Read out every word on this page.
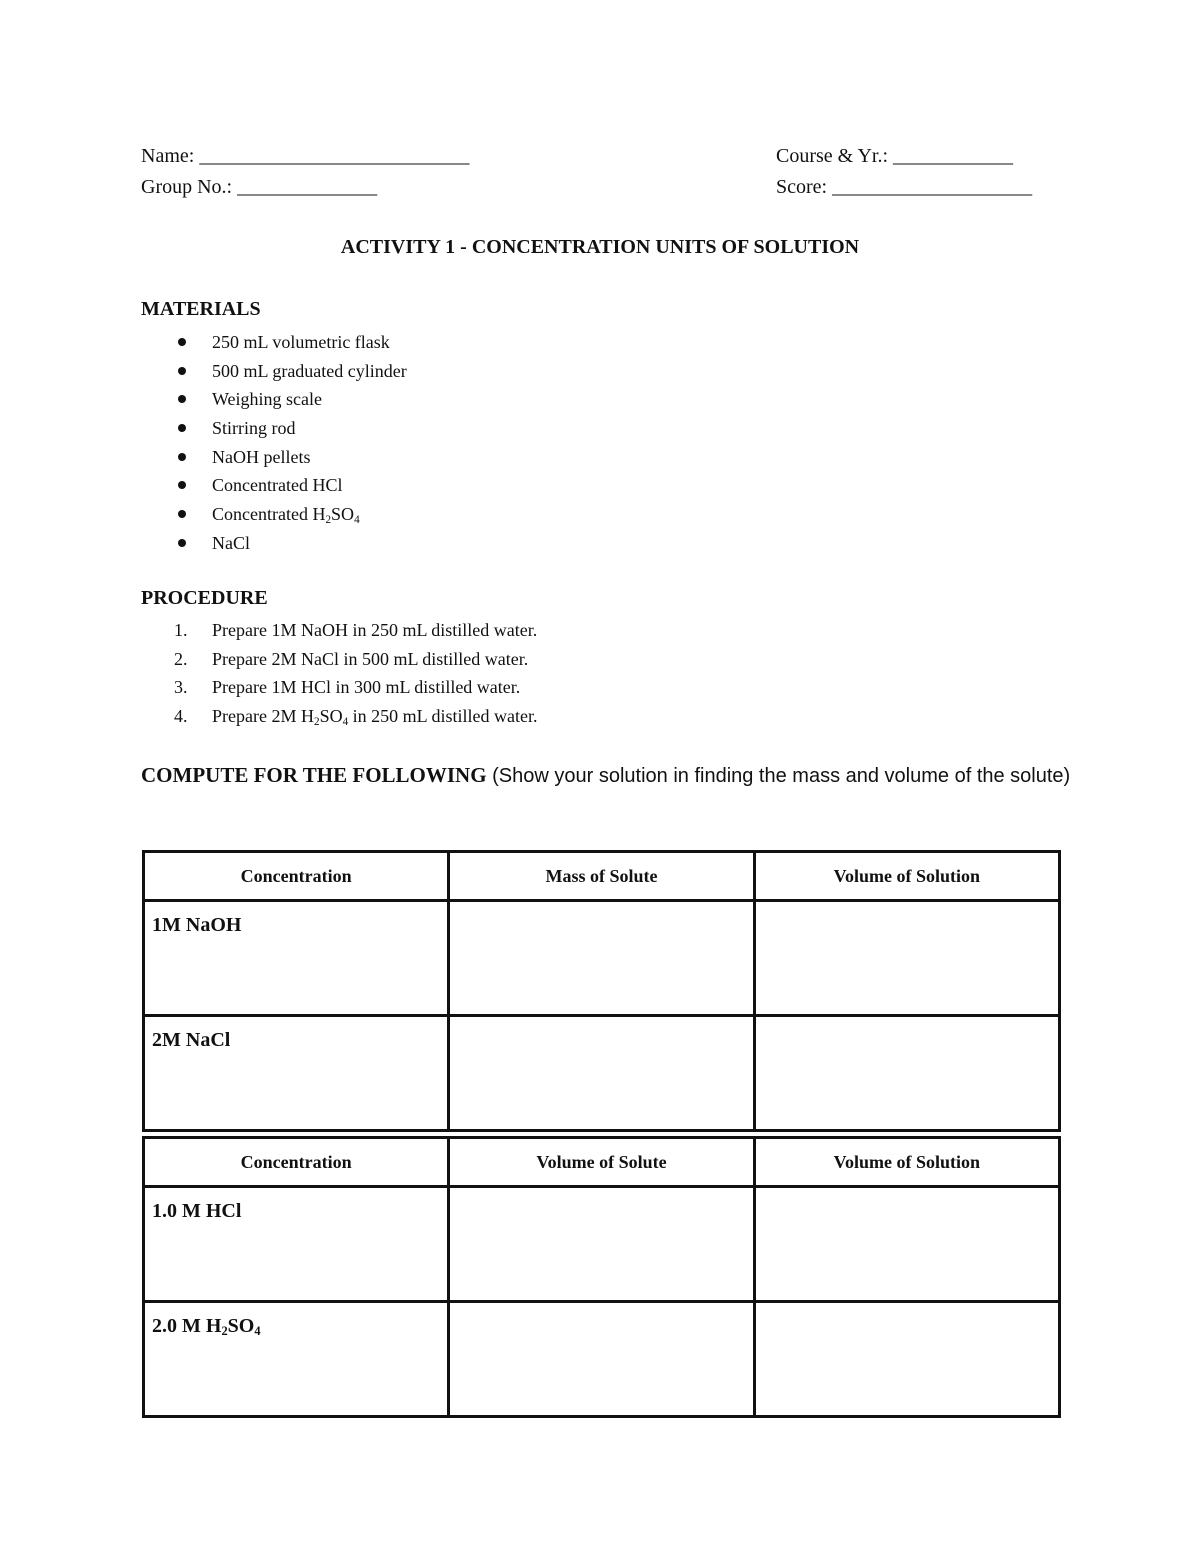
Name: ___________________________	Course & Yr.: ____________
Group No.: ______________	Score: ____________________
ACTIVITY 1 - CONCENTRATION UNITS OF SOLUTION
MATERIALS
250 mL volumetric flask
500 mL graduated cylinder
Weighing scale
Stirring rod
NaOH pellets
Concentrated HCl
Concentrated $H_2SO_4$
NaCl
PROCEDURE
1. Prepare 1M NaOH in 250 mL distilled water.
2. Prepare 2M NaCl in 500 mL distilled water.
3. Prepare 1M HCl in 300 mL distilled water.
4. Prepare 2M $H_2SO_4$ in 250 mL distilled water.
COMPUTE FOR THE FOLLOWING (Show your solution in finding the mass and volume of the solute)
Concentration	Mass of Solute	Volume of Solution
1M NaOH		
2M NaCl		
Concentration	Volume of Solute	Volume of Solution
1.0 M HCl		
2.0 M $H_2SO_4$		
